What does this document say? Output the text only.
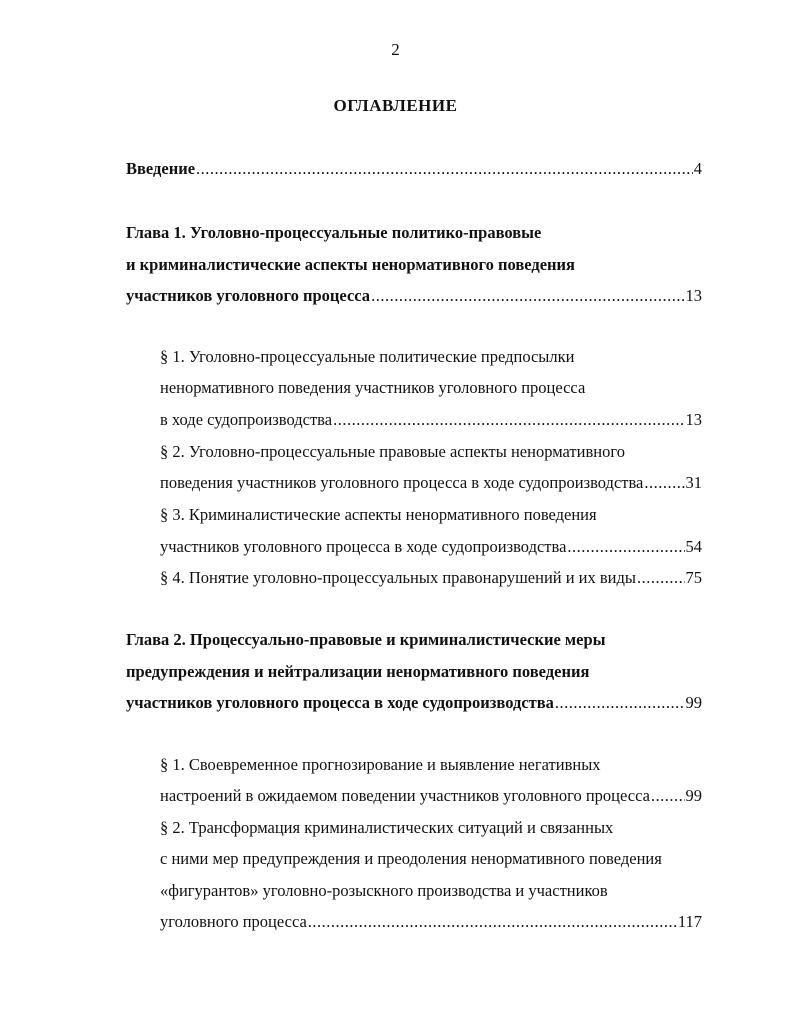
2
ОГЛАВЛЕНИЕ
Введение .....	4
Глава 1. Уголовно-процессуальные политико-правовые
и криминалистические аспекты ненормативного поведения
участников уголовного процесса .....	13
§ 1. Уголовно-процессуальные политические предпосылки
ненормативного поведения участников уголовного процесса
в ходе судопроизводства .....	13
§ 2. Уголовно-процессуальные правовые аспекты ненормативного
поведения участников уголовного процесса в ходе судопроизводства .....	31
§ 3. Криминалистические аспекты ненормативного поведения
участников уголовного процесса в ходе судопроизводства .....	54
§ 4. Понятие уголовно-процессуальных правонарушений и их виды .....	75
Глава 2. Процессуально-правовые и криминалистические меры
предупреждения и нейтрализации ненормативного поведения
участников уголовного процесса в ходе судопроизводства .....	99
§ 1. Своевременное прогнозирование и выявление негативных
настроений в ожидаемом поведении участников уголовного процесса ..... 99
§ 2. Трансформация криминалистических ситуаций и связанных
с ними мер предупреждения и преодоления ненормативного поведения
«фигурантов» уголовно-розыскного производства и участников
уголовного процесса .....	117
